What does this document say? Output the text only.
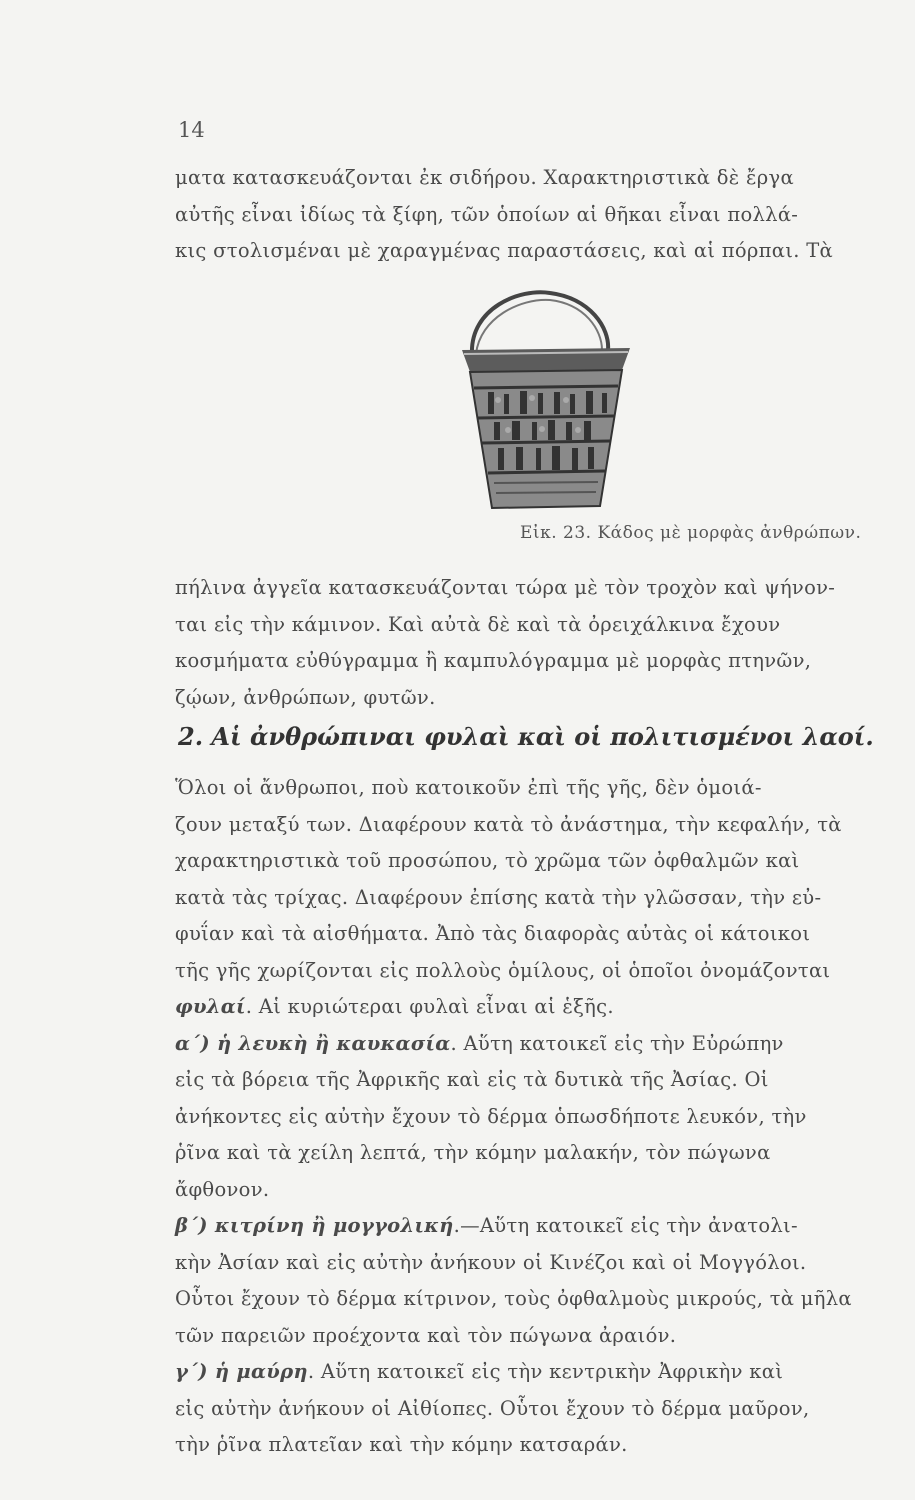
14

ματα κατασκευάζονται ἐκ σιδήρου. Χαρακτηριστικὰ δὲ ἔργα
αὐτῆς εἶναι ἰδίως τὰ ξίφη, τῶν ὁποίων αἱ θῆκαι εἶναι πολλά-
κις στολισμέναι μὲ χαραγμένας παραστάσεις, καὶ αἱ πόρπαι. Τὰ

Εἰκ. 23. Κάδος μὲ μορφὰς ἀνθρώπων.

πήλινα ἀγγεῖα κατασκευάζονται τώρα μὲ τὸν τροχὸν καὶ ψήνον-
ται εἰς τὴν κάμινον. Καὶ αὐτὰ δὲ καὶ τὰ ὀρειχάλκινα ἔχουν
κοσμήματα εὐθύγραμμα ἢ καμπυλόγραμμα μὲ μορφὰς πτηνῶν,
ζῴων, ἀνθρώπων, φυτῶν.

2. Αἱ ἀνθρώπιναι φυλαὶ καὶ οἱ πολιτισμένοι λαοί.

Ὅλοι οἱ ἄνθρωποι, ποὺ κατοικοῦν ἐπὶ τῆς γῆς, δὲν ὁμοιά-
ζουν μεταξύ των. Διαφέρουν κατὰ τὸ ἀνάστημα, τὴν κεφαλήν, τὰ
χαρακτηριστικὰ τοῦ προσώπου, τὸ χρῶμα τῶν ὀφθαλμῶν καὶ
κατὰ τὰς τρίχας. Διαφέρουν ἐπίσης κατὰ τὴν γλῶσσαν, τὴν εὐ-
φυΐαν καὶ τὰ αἰσθήματα. Ἀπὸ τὰς διαφορὰς αὐτὰς οἱ κάτοικοι
τῆς γῆς χωρίζονται εἰς πολλοὺς ὁμίλους, οἱ ὁποῖοι ὀνομάζονται
φυλαί. Αἱ κυριώτεραι φυλαὶ εἶναι αἱ ἑξῆς.
α΄) ἡ λευκὴ ἢ καυκασία. Αὕτη κατοικεῖ εἰς τὴν Εὐρώπην
εἰς τὰ βόρεια τῆς Ἀφρικῆς καὶ εἰς τὰ δυτικὰ τῆς Ἀσίας. Οἱ
ἀνήκοντες εἰς αὐτὴν ἔχουν τὸ δέρμα ὁπωσδήποτε λευκόν, τὴν
ῥῖνα καὶ τὰ χείλη λεπτά, τὴν κόμην μαλακήν, τὸν πώγωνα
ἄφθονον.
β΄) κιτρίνη ἢ μογγολική.—Αὕτη κατοικεῖ εἰς τὴν ἀνατολι-
κὴν Ἀσίαν καὶ εἰς αὐτὴν ἀνήκουν οἱ Κινέζοι καὶ οἱ Μογγόλοι.
Οὗτοι ἔχουν τὸ δέρμα κίτρινον, τοὺς ὀφθαλμοὺς μικρούς, τὰ μῆλα
τῶν παρειῶν προέχοντα καὶ τὸν πώγωνα ἀραιόν.
γ΄) ἡ μαύρη. Αὕτη κατοικεῖ εἰς τὴν κεντρικὴν Ἀφρικὴν καὶ
εἰς αὐτὴν ἀνήκουν οἱ Αἰθίοπες. Οὗτοι ἔχουν τὸ δέρμα μαῦρον,
τὴν ῥῖνα πλατεῖαν καὶ τὴν κόμην κατσαράν.
